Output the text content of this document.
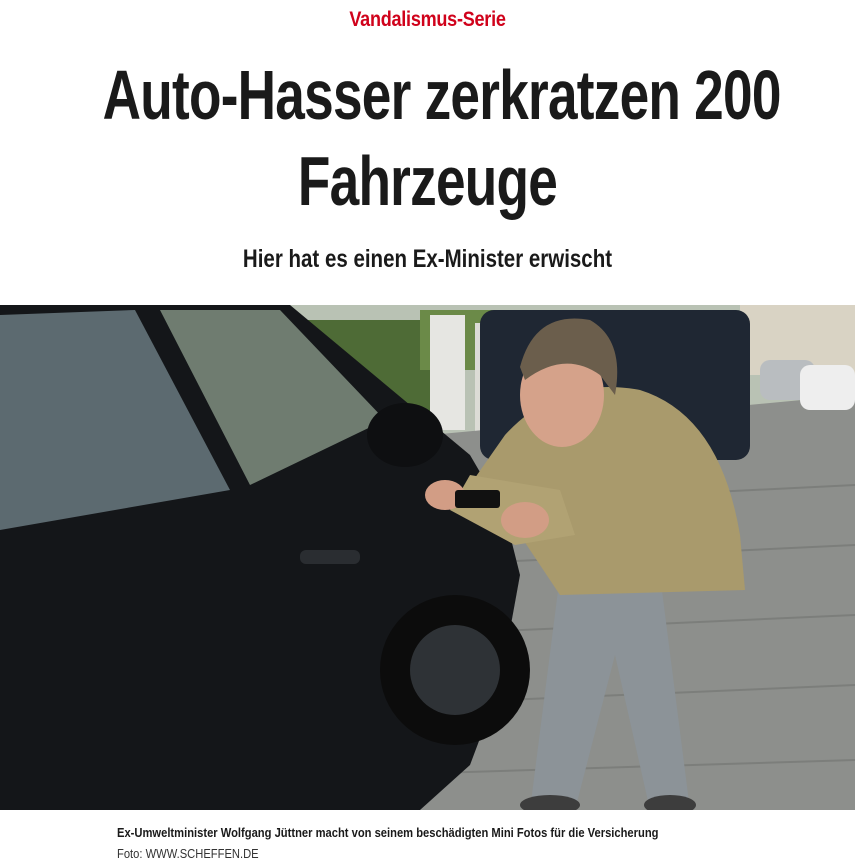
Vandalismus-Serie
Auto-Hasser zerkratzen 200
Fahrzeuge
Hier hat es einen Ex-Minister erwischt
Ex-Umweltminister Wolfgang Jüttner macht von seinem beschädigten Mini Fotos für die Versicherung
Foto: WWW.SCHEFFEN.DE
